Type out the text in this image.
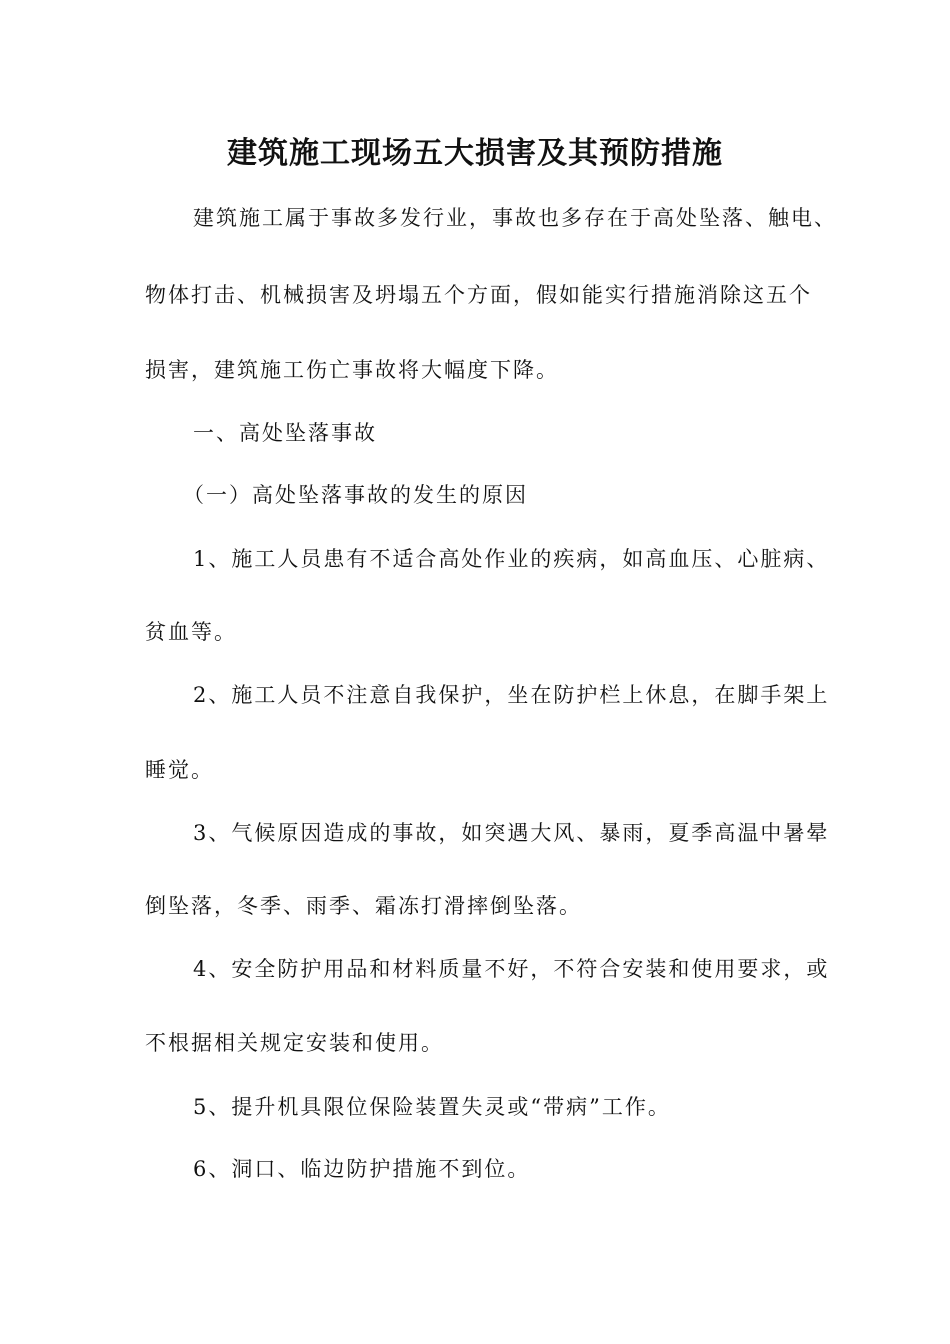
建筑施工现场五大损害及其预防措施
建筑施工属于事故多发行业，事故也多存在于高处坠落、触电、
物体打击、机械损害及坍塌五个方面，假如能实行措施消除这五个
损害，建筑施工伤亡事故将大幅度下降。
一、高处坠落事故
（一）高处坠落事故的发生的原因
1、施工人员患有不适合高处作业的疾病，如高血压、心脏病、
贫血等。
2、施工人员不注意自我保护，坐在防护栏上休息，在脚手架上
睡觉。
3、气候原因造成的事故，如突遇大风、暴雨，夏季高温中暑晕
倒坠落，冬季、雨季、霜冻打滑摔倒坠落。
4、安全防护用品和材料质量不好，不符合安装和使用要求，或
不根据相关规定安装和使用。
5、提升机具限位保险装置失灵或“带病”工作。
6、洞口、临边防护措施不到位。
